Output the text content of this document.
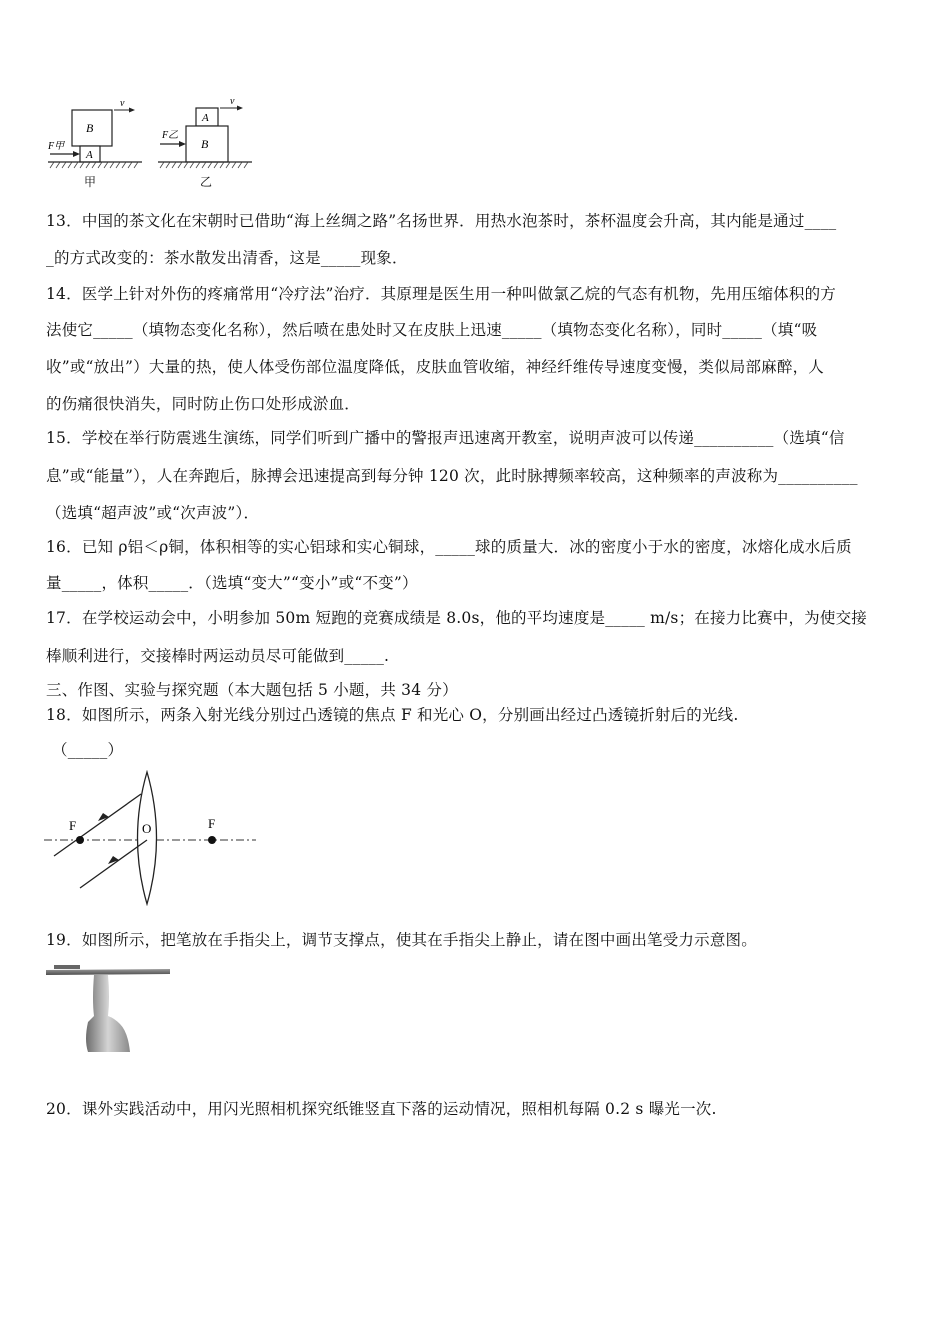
B
A
F甲
v
甲
A
B
F乙
v
乙
13．中国的茶文化在宋朝时已借助“海上丝绸之路”名扬世界．用热水泡茶时，茶杯温度会升高，其内能是通过____
_的方式改变的：茶水散发出清香，这是_____现象．
14．医学上针对外伤的疼痛常用“冷疗法”治疗．其原理是医生用一种叫做氯乙烷的气态有机物，先用压缩体积的方
法使它_____（填物态变化名称），然后喷在患处时又在皮肤上迅速_____（填物态变化名称），同时_____（填“吸
收”或“放出”）大量的热，使人体受伤部位温度降低，皮肤血管收缩，神经纤维传导速度变慢，类似局部麻醉，人
的伤痛很快消失，同时防止伤口处形成淤血．
15．学校在举行防震逃生演练，同学们听到广播中的警报声迅速离开教室，说明声波可以传递__________（选填“信
息”或“能量”），人在奔跑后，脉搏会迅速提高到每分钟 120 次，此时脉搏频率较高，这种频率的声波称为__________
（选填“超声波”或“次声波”）．
16．已知 ρ铝＜ρ铜，体积相等的实心铝球和实心铜球，_____球的质量大．冰的密度小于水的密度，冰熔化成水后质
量_____，体积_____．（选填“变大”“变小”或“不变”）
17．在学校运动会中，小明参加 50m 短跑的竞赛成绩是 8.0s，他的平均速度是_____ m/s；在接力比赛中，为使交接
棒顺利进行，交接棒时两运动员尽可能做到_____.
三、作图、实验与探究题（本大题包括 5 小题，共 34 分）
18．如图所示，两条入射光线分别过凸透镜的焦点 F 和光心 O，分别画出经过凸透镜折射后的光线.
（_____）
F	O	F
19．如图所示，把笔放在手指尖上，调节支撑点，使其在手指尖上静止，请在图中画出笔受力示意图。
20．课外实践活动中，用闪光照相机探究纸锥竖直下落的运动情况，照相机每隔 0.2 s 曝光一次.
